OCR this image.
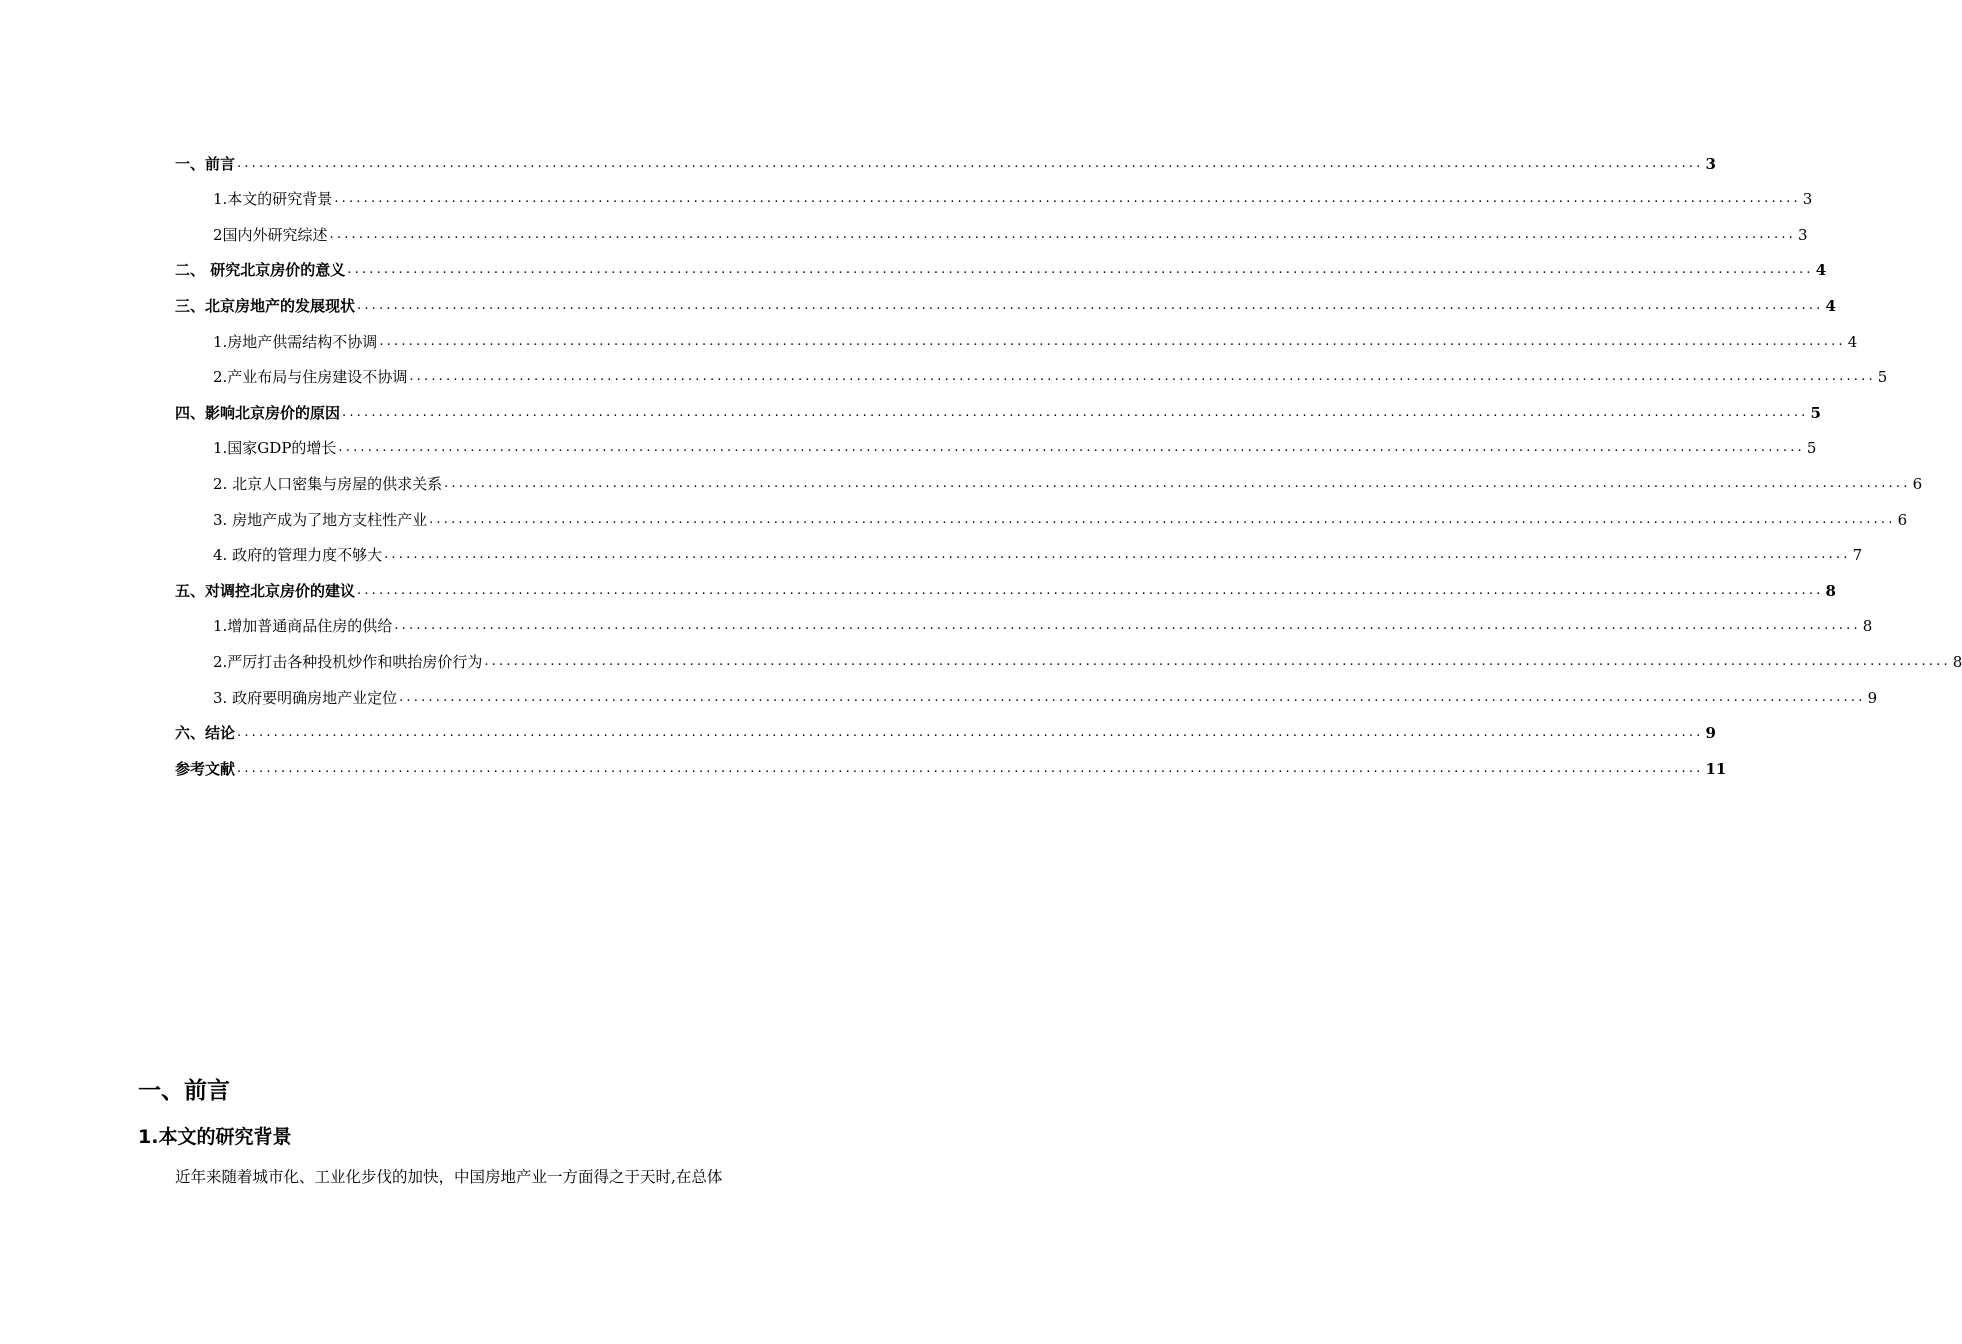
一、前言 ........................................................................................................................................................................................................ 3
1.本文的研究背景 ........................................................................................................................................................................................................ 3
2国内外研究综述 ........................................................................................................................................................................................................ 3
二、 研究北京房价的意义 ........................................................................................................................................................................................................ 4
三、北京房地产的发展现状 ........................................................................................................................................................................................................ 4
1.房地产供需结构不协调 ........................................................................................................................................................................................................ 4
2.产业布局与住房建设不协调 ........................................................................................................................................................................................................ 5
四、影响北京房价的原因 ........................................................................................................................................................................................................ 5
1.国家GDP的增长 ........................................................................................................................................................................................................ 5
2. 北京人口密集与房屋的供求关系 ........................................................................................................................................................................................................ 6
3. 房地产成为了地方支柱性产业 ........................................................................................................................................................................................................ 6
4. 政府的管理力度不够大 ........................................................................................................................................................................................................ 7
五、对调控北京房价的建议 ........................................................................................................................................................................................................ 8
1.增加普通商品住房的供给 ........................................................................................................................................................................................................ 8
2.严厉打击各种投机炒作和哄抬房价行为 ........................................................................................................................................................................................................ 8
3. 政府要明确房地产业定位 ........................................................................................................................................................................................................ 9
六、结论 ........................................................................................................................................................................................................ 9
参考文献 ........................................................................................................................................................................................................ 11
一、前言
1.本文的研究背景
近年来随着城市化、工业化步伐的加快，中国房地产业一方面得之于天时,在总体
